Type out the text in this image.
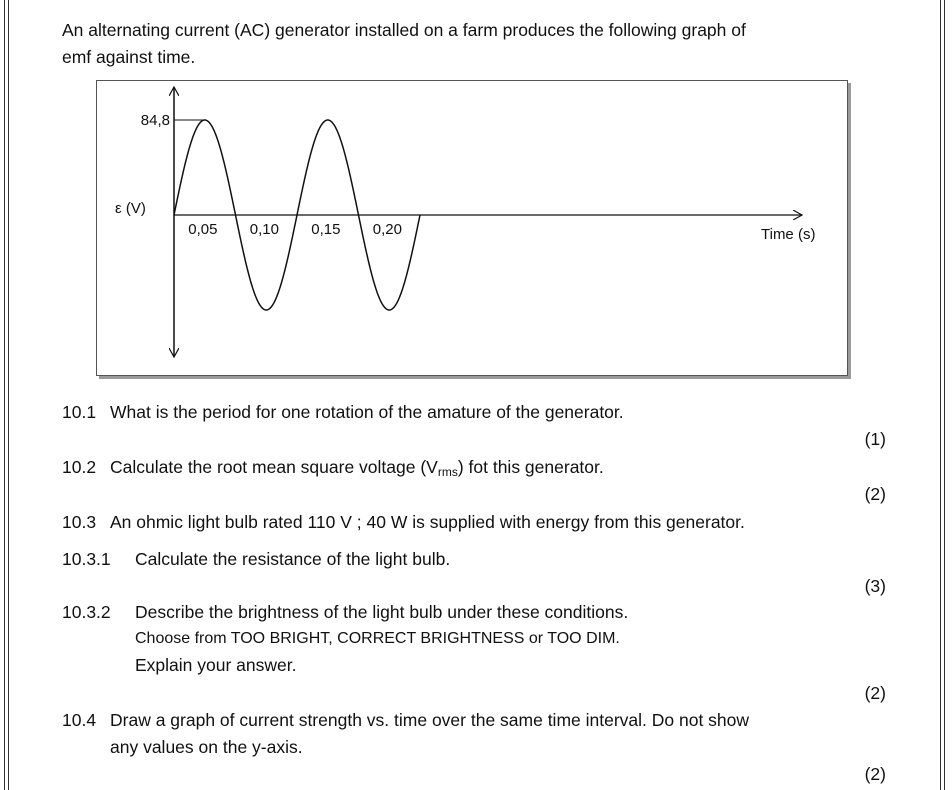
An alternating current (AC) generator installed on a farm produces the following graph of
emf against time.
84,8
ε (V)
Time (s)
0,05 0,10 0,15 0,20
10.1 What is the period for one rotation of the amature of the generator.
(1)
10.2 Calculate the root mean square voltage $(V_{rms})$ fot this generator.
(2)
10.3 An ohmic light bulb rated 110 V ; 40 W is supplied with energy from this generator.
10.3.1 Calculate the resistance of the light bulb.
(3)
10.3.2 Describe the brightness of the light bulb under these conditions.
Choose from TOO BRIGHT, CORRECT BRIGHTNESS or TOO DIM.
Explain your answer.
(2)
10.4 Draw a graph of current strength vs. time over the same time interval. Do not show
any values on the y-axis.
(2)
